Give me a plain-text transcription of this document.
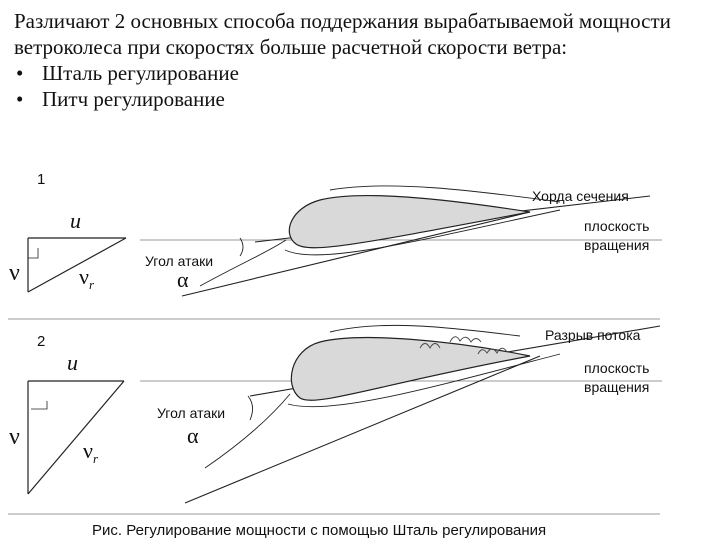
Различают 2 основных способа поддержания вырабатываемой мощности ветроколеса при скоростях больше расчетной скорости ветра:

• Шталь регулирование
• Питч регулирование
1
u
ν	$\nu_r$
Хорда сечения
плоскость
вращения
Угол атаки
α
2
u
ν
$\nu_r$
Разрыв потока
плоскость
вращения
Угол атаки
α
Рис. Регулирование мощности с помощью Шталь регулирования
